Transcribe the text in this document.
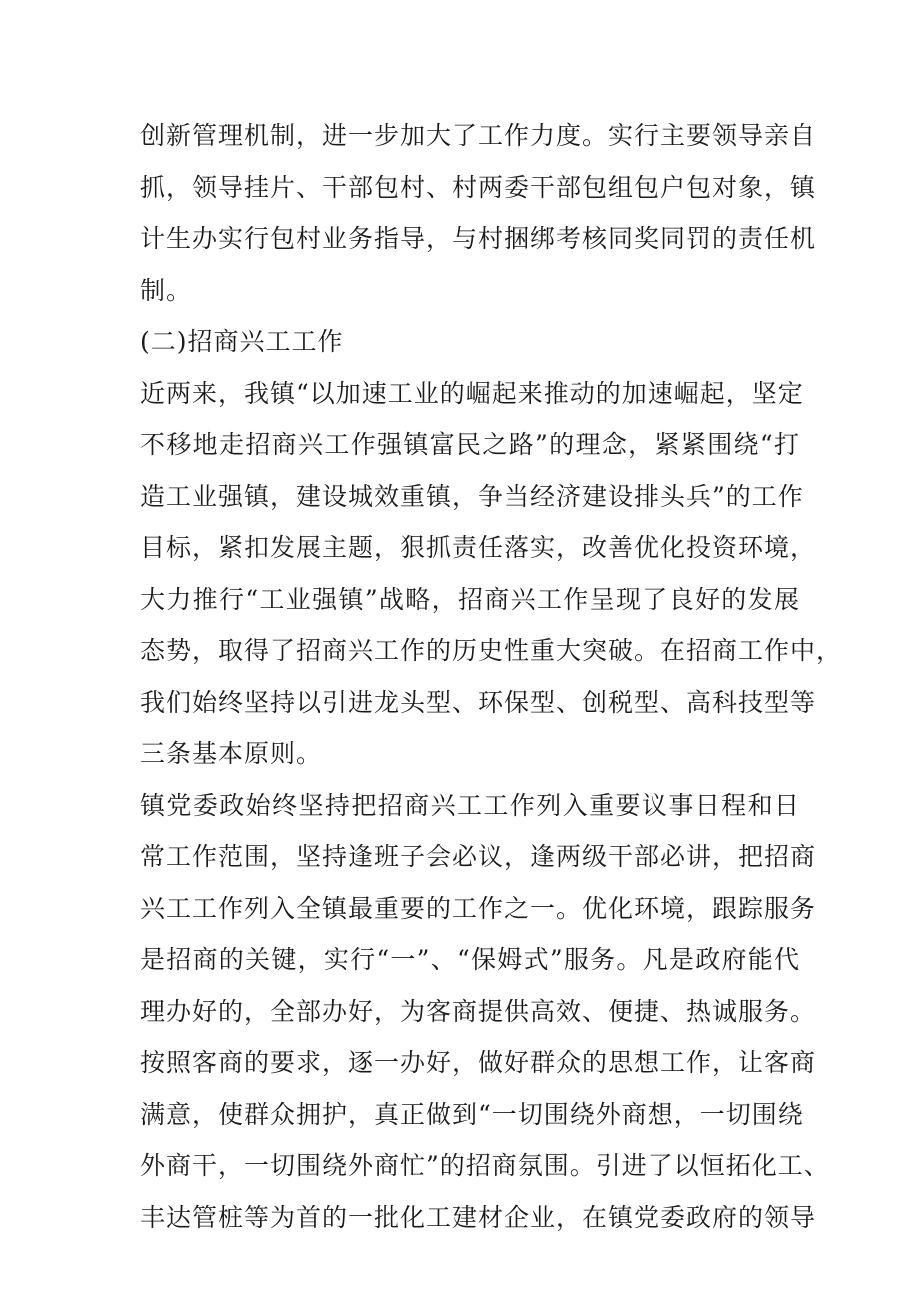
创新管理机制，进一步加大了工作力度。实行主要领导亲自
抓，领导挂片、干部包村、村两委干部包组包户包对象，镇
计生办实行包村业务指导，与村捆绑考核同奖同罚的责任机
制。
(二)招商兴工工作
近两来，我镇“以加速工业的崛起来推动的加速崛起，坚定
不移地走招商兴工作强镇富民之路”的理念，紧紧围绕“打
造工业强镇，建设城效重镇，争当经济建设排头兵”的工作
目标，紧扣发展主题，狠抓责任落实，改善优化投资环境，
大力推行“工业强镇”战略，招商兴工作呈现了良好的发展
态势，取得了招商兴工作的历史性重大突破。在招商工作中，
我们始终坚持以引进龙头型、环保型、创税型、高科技型等
三条基本原则。
镇党委政始终坚持把招商兴工工作列入重要议事日程和日
常工作范围，坚持逢班子会必议，逢两级干部必讲，把招商
兴工工作列入全镇最重要的工作之一。优化环境，跟踪服务
是招商的关键，实行“一”、“保姆式”服务。凡是政府能代
理办好的，全部办好，为客商提供高效、便捷、热诚服务。
按照客商的要求，逐一办好，做好群众的思想工作，让客商
满意，使群众拥护，真正做到“一切围绕外商想，一切围绕
外商干，一切围绕外商忙”的招商氛围。引进了以恒拓化工、
丰达管桩等为首的一批化工建材企业，在镇党委政府的领导
